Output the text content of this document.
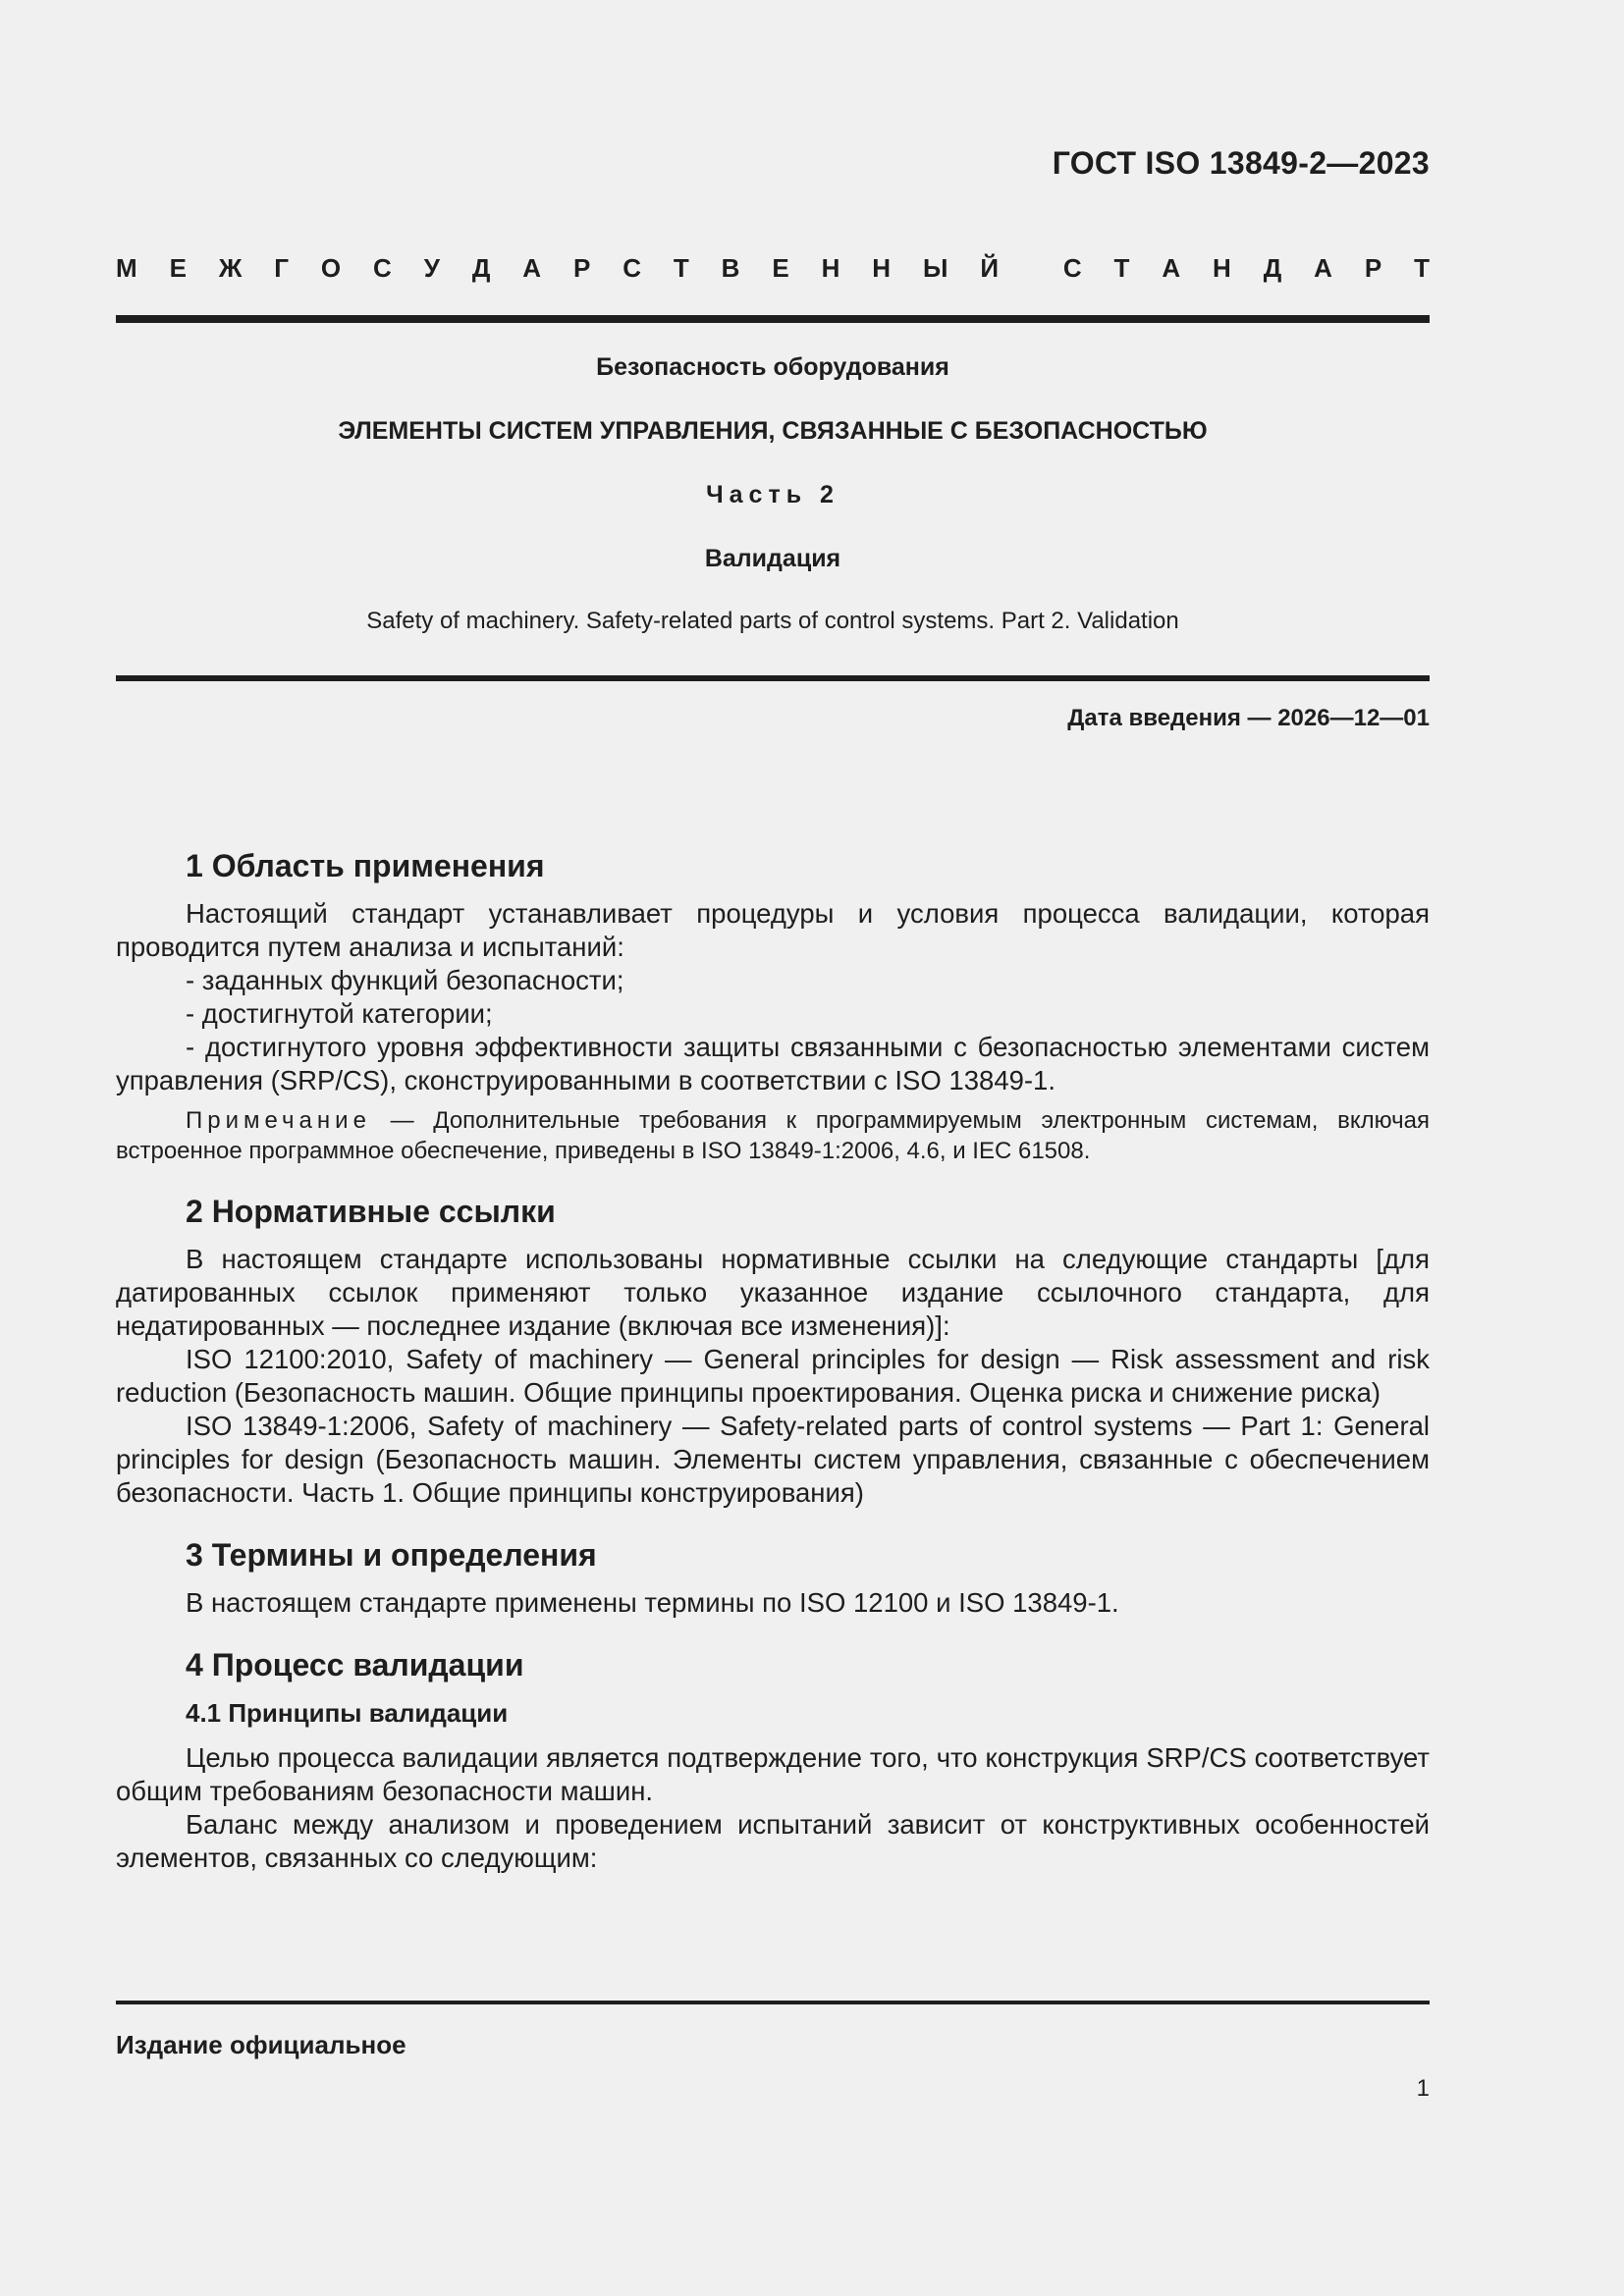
ГОСТ ISO 13849-2—2023
М Е Ж Г О С У Д А Р С Т В Е Н Н Ы Й	С Т А Н Д А Р Т
Безопасность оборудования
ЭЛЕМЕНТЫ СИСТЕМ УПРАВЛЕНИЯ, СВЯЗАННЫЕ С БЕЗОПАСНОСТЬЮ
Часть 2
Валидация
Safety of machinery. Safety-related parts of control systems. Part 2. Validation
Дата введения — 2026—12—01
1 Область применения

Настоящий стандарт устанавливает процедуры и условия процесса валидации, которая проводится путем анализа и испытаний:

- заданных функций безопасности;

- достигнутой категории;

- достигнутого уровня эффективности защиты связанными с безопасностью элементами систем управления (SRP/CS), сконструированными в соответствии с ISO 13849-1.

Примечание — Дополнительные требования к программируемым электронным системам, включая встроенное программное обеспечение, приведены в ISO 13849-1:2006, 4.6, и IEC 61508.

2 Нормативные ссылки

В настоящем стандарте использованы нормативные ссылки на следующие стандарты [для датированных ссылок применяют только указанное издание ссылочного стандарта, для недатированных — последнее издание (включая все изменения)]:

ISO 12100:2010, Safety of machinery — General principles for design — Risk assessment and risk reduction (Безопасность машин. Общие принципы проектирования. Оценка риска и снижение риска)

ISO 13849-1:2006, Safety of machinery — Safety-related parts of control systems — Part 1: General principles for design (Безопасность машин. Элементы систем управления, связанные с обеспечением безопасности. Часть 1. Общие принципы конструирования)

3 Термины и определения

В настоящем стандарте применены термины по ISO 12100 и ISO 13849-1.

4 Процесс валидации
4.1 Принципы валидации

Целью процесса валидации является подтверждение того, что конструкция SRP/CS соответствует общим требованиям безопасности машин.

Баланс между анализом и проведением испытаний зависит от конструктивных особенностей элементов, связанных со следующим:

Издание официальное
1
